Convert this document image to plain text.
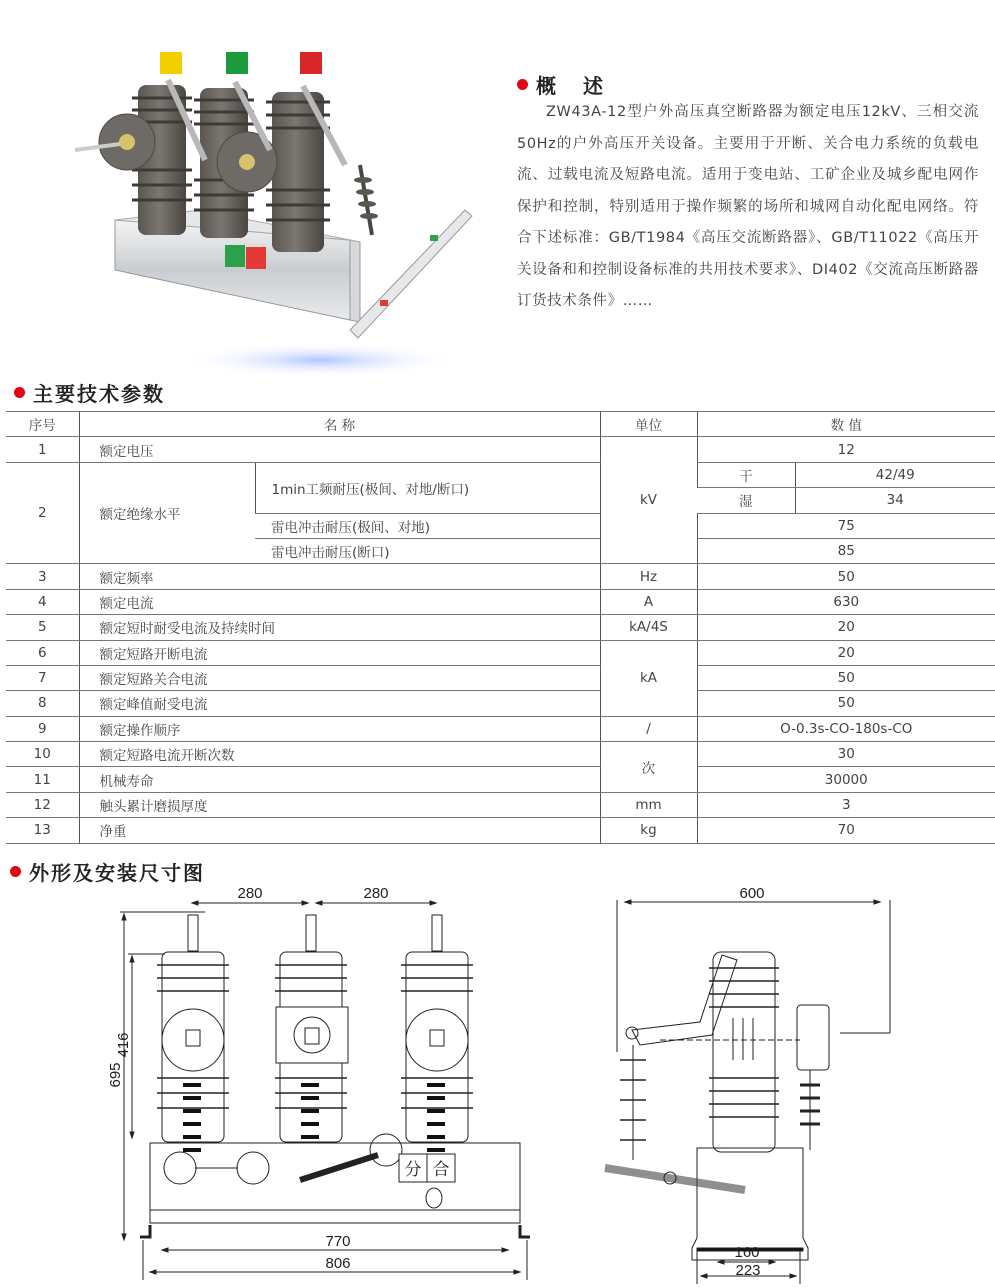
概 述

ZW43A-12型户外高压真空断路器为额定电压12kV、三相交流50Hz的户外高压开关设备。主要用于开断、关合电力系统的负载电流、过载电流及短路电流。适用于变电站、工矿企业及城乡配电网作保护和控制，特别适用于操作频繁的场所和城网自动化配电网络。符合下述标准：GB/T1984《高压交流断路器》、GB/T11022《高压开关设备和和控制设备标准的共用技术要求》、DI402《交流高压断路器订货技术条件》……

主要技术参数
序号	名 称		单位	数 值	
1	额定电压		kV	12	
2	额定绝缘水平	1min工频耐压(极间、对地/断口)		干	42/49
				湿	34
		雷电冲击耐压(极间、对地)		75	
		雷电冲击耐压(断口)		85	
3	额定频率		Hz	50	
4	额定电流		A	630	
5	额定短时耐受电流及持续时间		kA/4S	20	
6	额定短路开断电流		kA	20	
7	额定短路关合电流			50	
8	额定峰值耐受电流			50	
9	额定操作顺序		/	O-0.3s-CO-180s-CO	
10	额定短路电流开断次数		次	30	
11	机械寿命			30000	
12	触头累计磨损厚度		mm	3	
13	净重		kg	70	
外形及安装尺寸图
280	280
695
416
分 合
770
806
600
160
223
